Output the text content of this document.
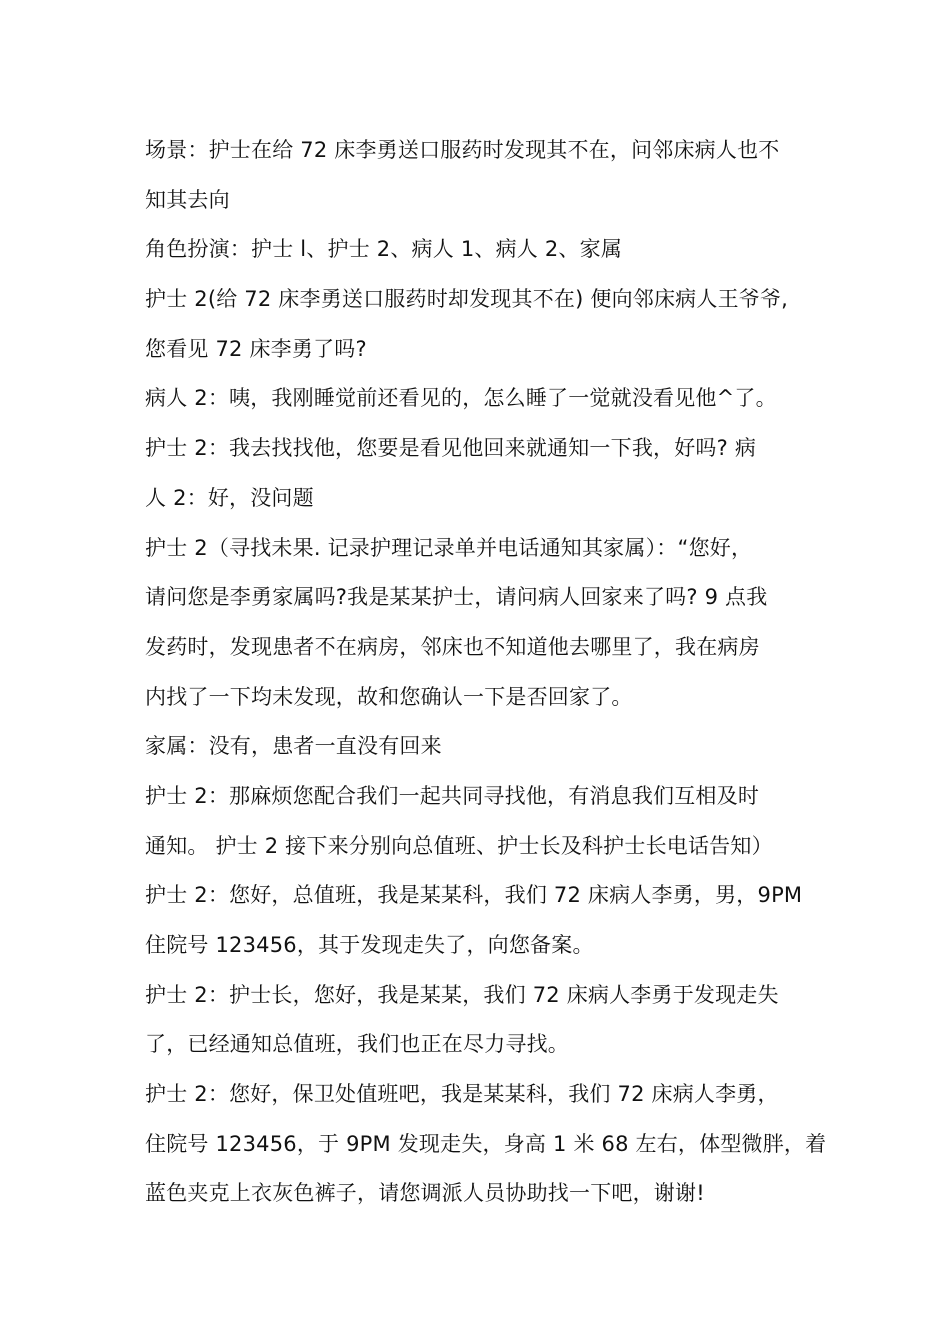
场景：护士在给 72 床李勇送口服药时发现其不在，问邻床病人也不
知其去向
角色扮演：护士 l、护士 2、病人 1、病人 2、家属
护士 2(给 72 床李勇送口服药时却发现其不在) 便向邻床病人王爷爷,
您看见 72 床李勇了吗?
病人 2：咦，我刚睡觉前还看见的，怎么睡了一觉就没看见他^了。
护士 2：我去找找他，您要是看见他回来就通知一下我，好吗? 病
人 2：好，没问题
护士 2（寻找未果. 记录护理记录单并电话通知其家属）：“您好，
请问您是李勇家属吗?我是某某护士，请问病人回家来了吗? 9 点我
发药时，发现患者不在病房，邻床也不知道他去哪里了，我在病房
内找了一下均未发现，故和您确认一下是否回家了。
家属：没有，患者一直没有回来
护士 2：那麻烦您配合我们一起共同寻找他，有消息我们互相及时
通知。 护士 2 接下来分别向总值班、护士长及科护士长电话告知）
护士 2：您好，总值班，我是某某科，我们 72 床病人李勇，男，9PM
住院号 123456，其于发现走失了，向您备案。
护士 2：护士长，您好，我是某某，我们 72 床病人李勇于发现走失
了，已经通知总值班，我们也正在尽力寻找。
护士 2：您好，保卫处值班吧，我是某某科，我们 72 床病人李勇，
住院号 123456，于 9PM 发现走失，身高 1 米 68 左右，体型微胖，着
蓝色夹克上衣灰色裤子，请您调派人员协助找一下吧，谢谢!
